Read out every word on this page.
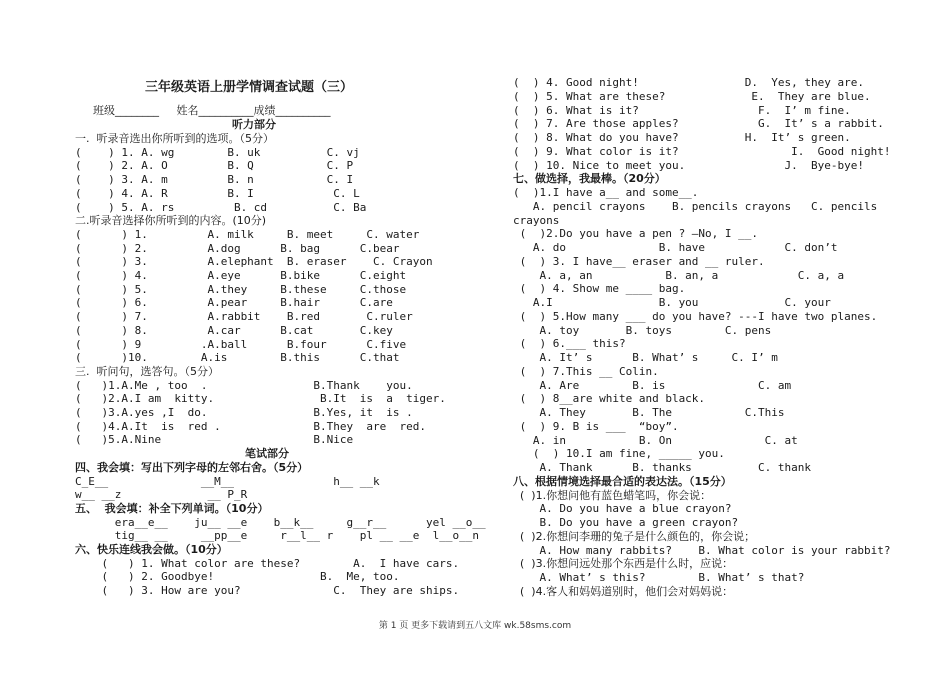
一.  听录音选出你所听到的选项。（5分）
(    ) 1. A. wg        B. uk          C. vj
(    ) 2. A. O         B. Q           C. P
(    ) 3. A. m         B. n           C. I
(    ) 4. A. R         B. I            C. L
(    ) 5. A. rs         B. cd          C. Ba
二.听录音选择你所听到的内容。(10分)
(      ) 1.         A. milk     B. meet     C. water
(      ) 2.         A.dog      B. bag      C.bear
(      ) 3.         A.elephant  B. eraser    C. Crayon
(      ) 4.         A.eye      B.bike      C.eight
(      ) 5.         A.they     B.these     C.those
(      ) 6.         A.pear     B.hair      C.are
(      ) 7.         A.rabbit    B.red       C.ruler
(      ) 8.         A.car      B.cat       C.key
(      ) 9         .A.ball      B.four      C.five
(      )10.        A.is        B.this      C.that
三.  听问句，选答句。（5分）
(   )1.A.Me , too  .                B.Thank    you.
(   )2.A.I am  kitty.                B.It  is  a  tiger.
(   )3.A.yes ,I  do.                B.Yes, it  is .
(   )4.A.It  is  red .              B.They  are  red.
(   )5.A.Nine                       B.Nice
笔试部分
四、我会填：写出下列字母的左邻右舍。（5分）
C_E__              __M__               h__ __k
w__ __z             __ P_R
五、  我会填：补全下列单词。（10分）
era__e__    ju__ __e    b__k__     g__r__      yel __o__
tig__ __     __pp__e     r__l__ r    pl __ __e  l__o__n
六、快乐连线我会做。（10分）
(   ) 1. What color are these?        A.  I have cars.
(   ) 2. Goodbye!                B.  Me, too.
(   ) 3. How are you?              C.  They are ships.
(  ) 4. Good night!                D.  Yes, they are.
(  ) 5. What are these?             E.  They are blue.
(  ) 6. What is it?                  F.  I’ m fine.
(  ) 7. Are those apples?            G.  It’ s a rabbit.
(  ) 8. What do you have?          H.  It’ s green.
(  ) 9. What color is it?                 I.  Good night!
(  ) 10. Nice to meet you.               J.  Bye-bye!
七、做选择，我最棒。（20分）
(  )1.I have a__ and some__.
A. pencil crayons    B. pencils crayons   C. pencils
crayons
(  )2.Do you have a pen ? —No, I __.
A. do              B. have            C. don’t
(  ) 3. I have__ eraser and __ ruler.
A. a, an           B. an, a            C. a, a
(  ) 4. Show me ____ bag.
A.I                B. you             C. your
(  ) 5.How many ___ do you have? ---I have two planes.
A. toy       B. toys        C. pens
(  ) 6.___ this?
A. It’ s      B. What’ s     C. I’ m
(  ) 7.This __ Colin.
A. Are        B. is              C. am
(  ) 8__are white and black.
A. They       B. The           C.This
(  ) 9. B is ___  “boy”.
A. in           B. On              C. at
(  ) 10.I am fine, _____ you.
A. Thank      B. thanks          C. thank
八、根据情境选择最合适的表达法。（15分）
(  )1.你想问他有蓝色蜡笔吗，你会说：
A. Do you have a blue crayon?
B. Do you have a green crayon?
(  )2.你想问李珊的兔子是什么颜色的，你会说；
A. How many rabbits?    B. What color is your rabbit?
(  )3.你想问远处那个东西是什么时，应说：
A. What’ s this?        B. What’ s that?
(  )4.客人和妈妈道别时，他们会对妈妈说：
三年级英语上册学情调查试题（三）
班级________     姓名__________成绩__________
听力部分
第 1 页 更多下载请到五八文库 wk.58sms.com
